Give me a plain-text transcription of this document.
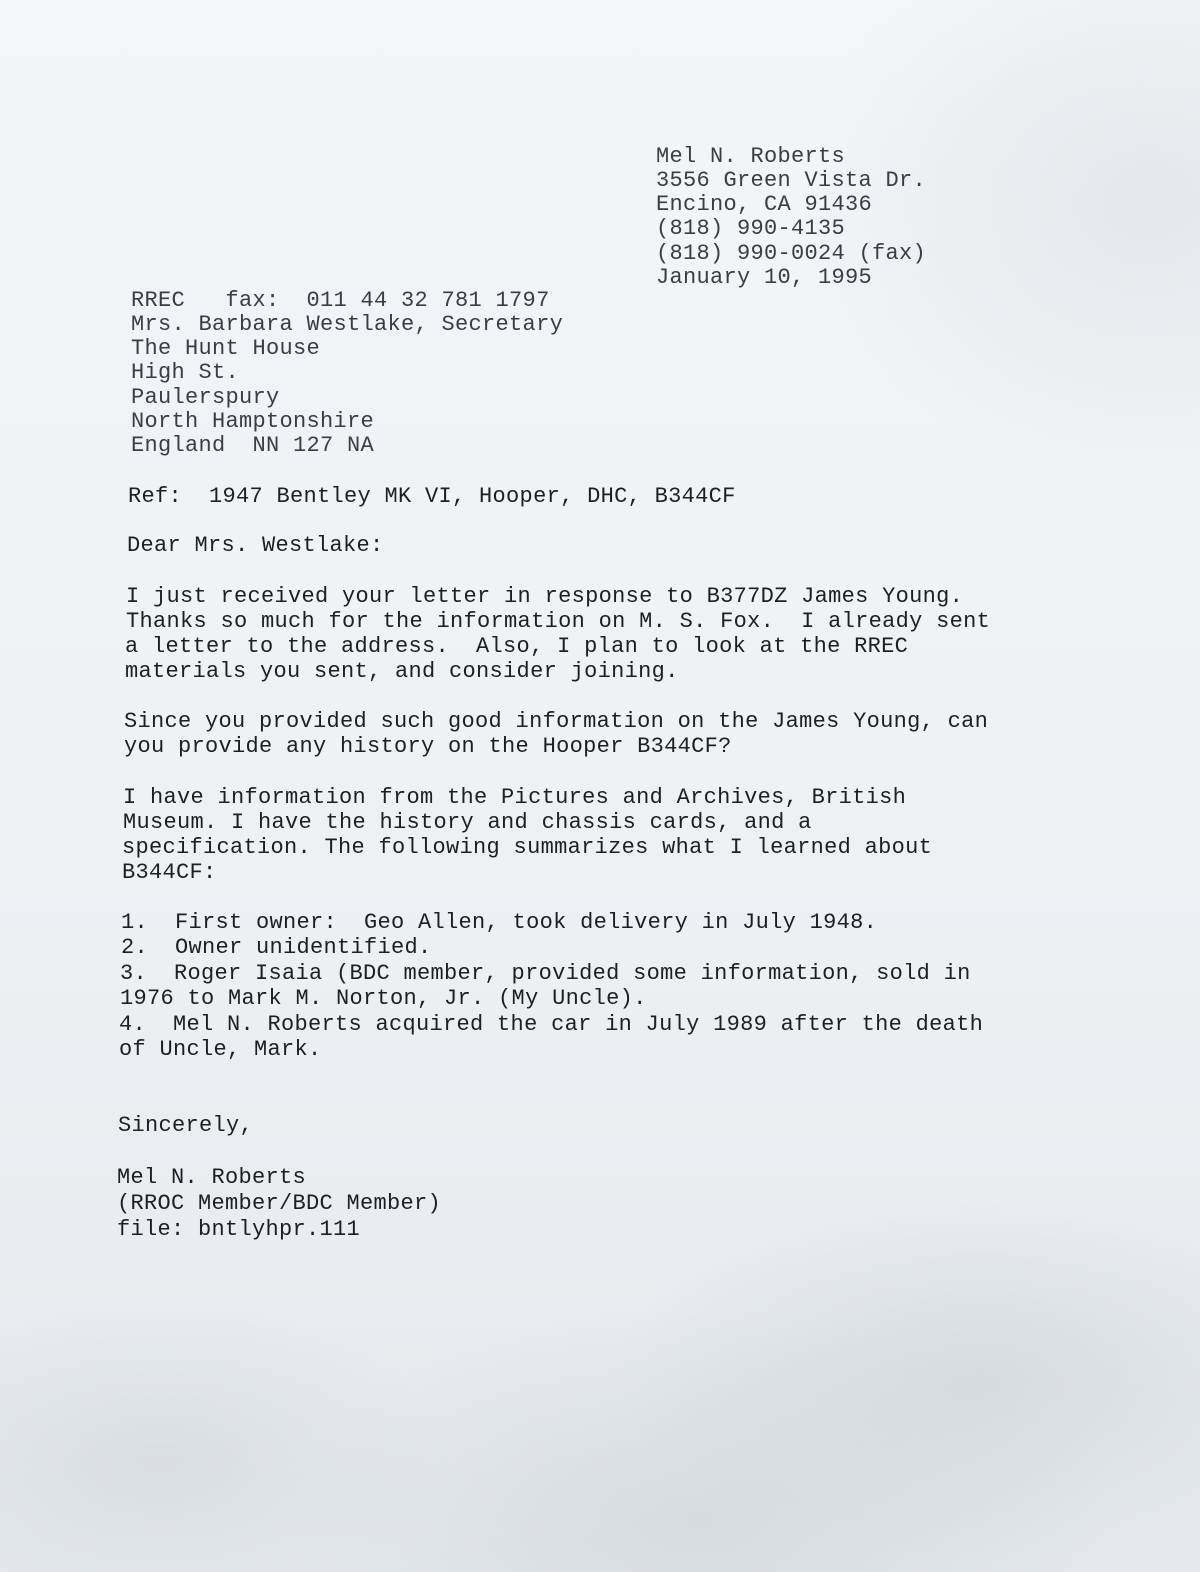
Mel N. Roberts

3556 Green Vista Dr.

Encino, CA 91436

(818) 990-4135

(818) 990-0024 (fax)

January 10, 1995

RREC   fax:  011 44 32 781 1797

Mrs. Barbara Westlake, Secretary

The Hunt House

High St.

Paulerspury

North Hamptonshire

England  NN 127 NA

Ref:  1947 Bentley MK VI, Hooper, DHC, B344CF

Dear Mrs. Westlake:

I just received your letter in response to B377DZ James Young.

Thanks so much for the information on M. S. Fox.  I already sent

a letter to the address.  Also, I plan to look at the RREC

materials you sent, and consider joining.

Since you provided such good information on the James Young, can

you provide any history on the Hooper B344CF?

I have information from the Pictures and Archives, British

Museum. I have the history and chassis cards, and a

specification. The following summarizes what I learned about

B344CF:

1.  First owner:  Geo Allen, took delivery in July 1948.

2.  Owner unidentified.

3.  Roger Isaia (BDC member, provided some information, sold in

1976 to Mark M. Norton, Jr. (My Uncle).

4.  Mel N. Roberts acquired the car in July 1989 after the death

of Uncle, Mark.

Sincerely,

Mel N. Roberts

(RROC Member/BDC Member)

file: bntlyhpr.111
